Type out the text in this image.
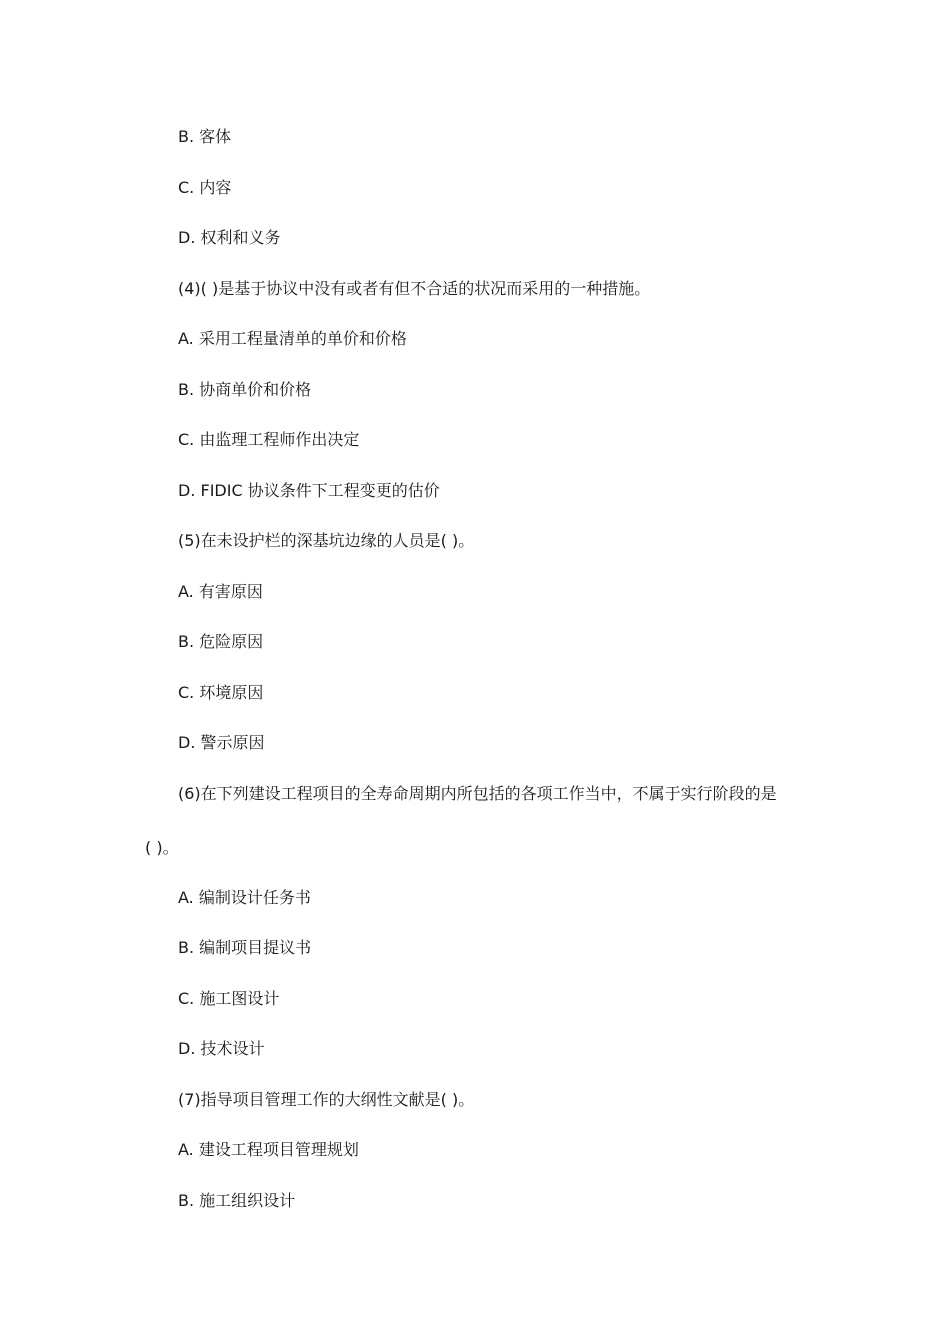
B. 客体
C. 内容
D. 权利和义务
(4)( )是基于协议中没有或者有但不合适的状况而采用的一种措施。
A. 采用工程量清单的单价和价格
B. 协商单价和价格
C. 由监理工程师作出决定
D. FIDIC 协议条件下工程变更的估价
(5)在未设护栏的深基坑边缘的人员是( )。
A. 有害原因
B. 危险原因
C. 环境原因
D. 警示原因
(6)在下列建设工程项目的全寿命周期内所包括的各项工作当中，不属于实行阶段的是
( )。
A. 编制设计任务书
B. 编制项目提议书
C. 施工图设计
D. 技术设计
(7)指导项目管理工作的大纲性文献是( )。
A. 建设工程项目管理规划
B. 施工组织设计
